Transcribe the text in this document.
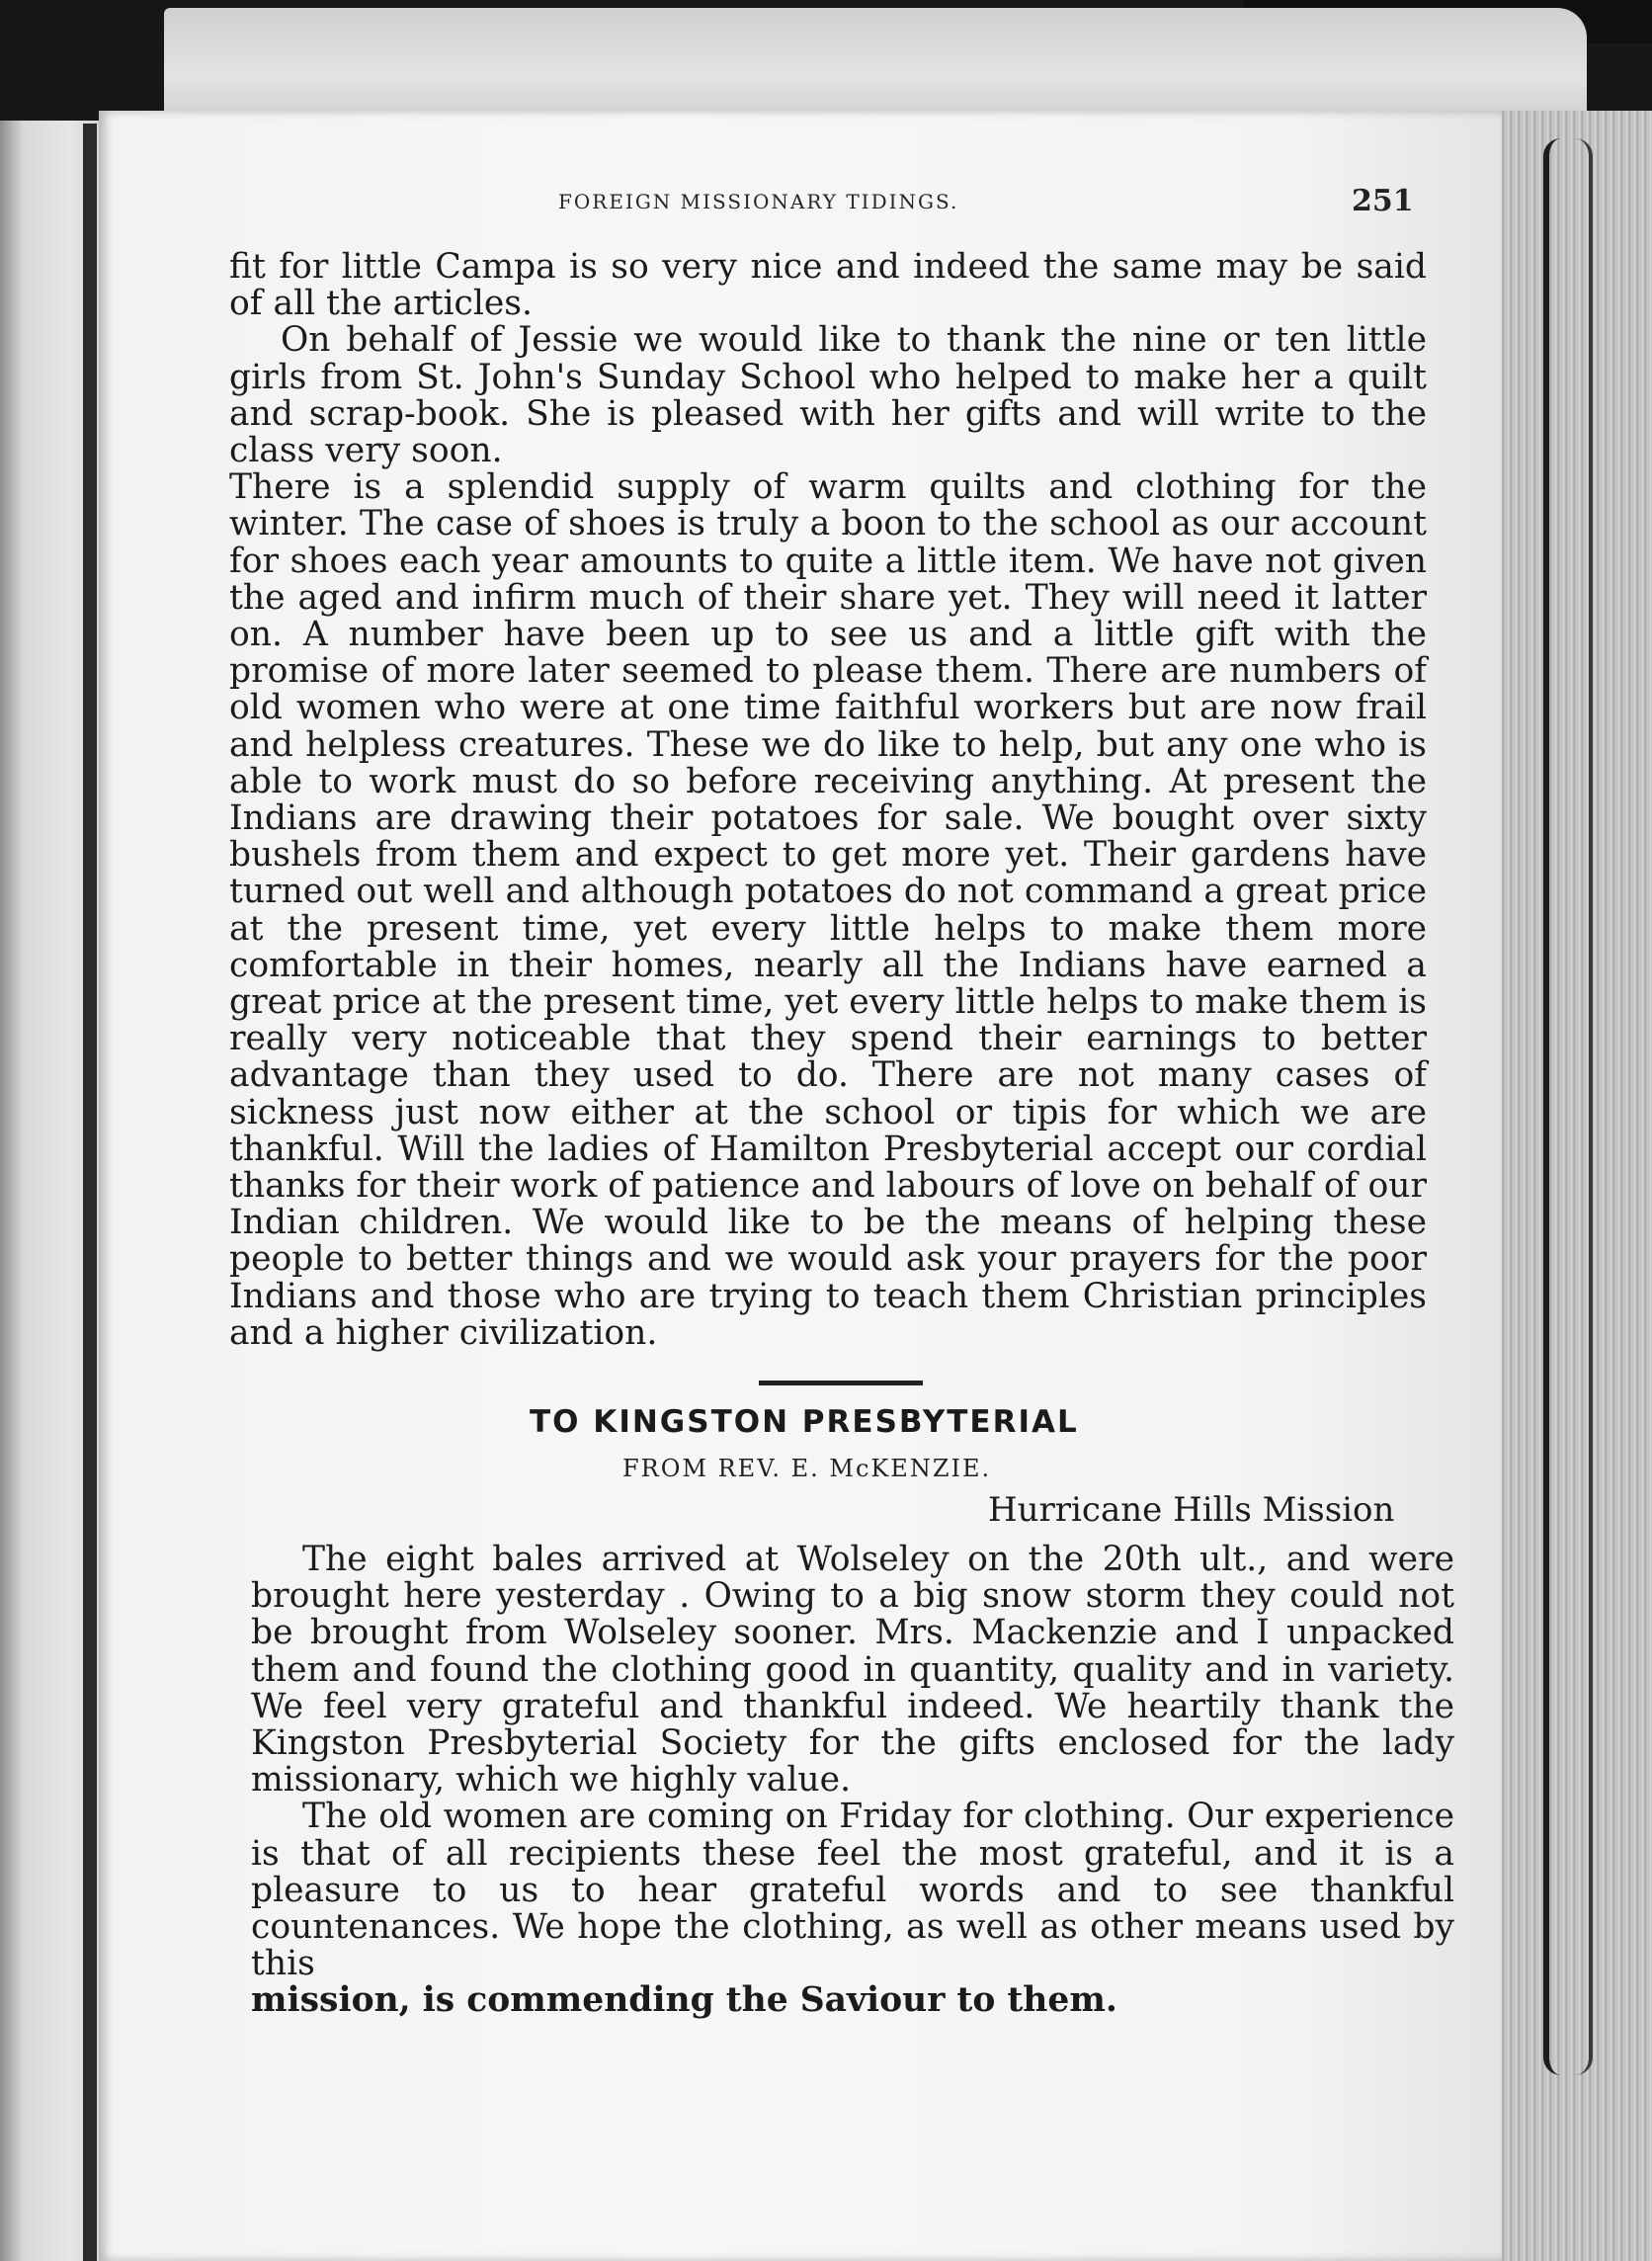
FOREIGN MISSIONARY TIDINGS.	251

fit for little Campa is so very nice and indeed the same may be said of all the articles.

On behalf of Jessie we would like to thank the nine or ten little girls from St. John's Sunday School who helped to make her a quilt and scrap-book. She is pleased with her gifts and will write to the class very soon.

There is a splendid supply of warm quilts and clothing for the winter. The case of shoes is truly a boon to the school as our account for shoes each year amounts to quite a little item. We have not given the aged and infirm much of their share yet. They will need it latter on. A number have been up to see us and a little gift with the promise of more later seemed to please them. There are numbers of old women who were at one time faithful workers but are now frail and helpless creatures. These we do like to help, but any one who is able to work must do so before receiving anything. At present the Indians are drawing their potatoes for sale. We bought over sixty bushels from them and expect to get more yet. Their gardens have turned out well and although potatoes do not command a great price at the present time, yet every little helps to make them more comfortable in their homes, nearly all the Indians have earned a great price at the present time, yet every little helps to make them is really very noticeable that they spend their earnings to better advantage than they used to do. There are not many cases of sickness just now either at the school or tipis for which we are thankful. Will the ladies of Hamilton Presbyterial accept our cordial thanks for their work of patience and labours of love on behalf of our Indian children. We would like to be the means of helping these people to better things and we would ask your prayers for the poor Indians and those who are trying to teach them Christian principles and a higher civilization.

TO KINGSTON PRESBYTERIAL
FROM REV. E. McKENZIE.
Hurricane Hills Mission

The eight bales arrived at Wolseley on the 20th ult., and were brought here yesterday . Owing to a big snow storm they could not be brought from Wolseley sooner. Mrs. Mackenzie and I unpacked them and found the clothing good in quantity, quality and in variety. We feel very grateful and thankful indeed. We heartily thank the Kingston Presbyterial Society for the gifts enclosed for the lady missionary, which we highly value.

The old women are coming on Friday for clothing. Our experience is that of all recipients these feel the most grateful, and it is a pleasure to us to hear grateful words and to see thankful countenances. We hope the clothing, as well as other means used by this

mission, is commending the Saviour to them.
